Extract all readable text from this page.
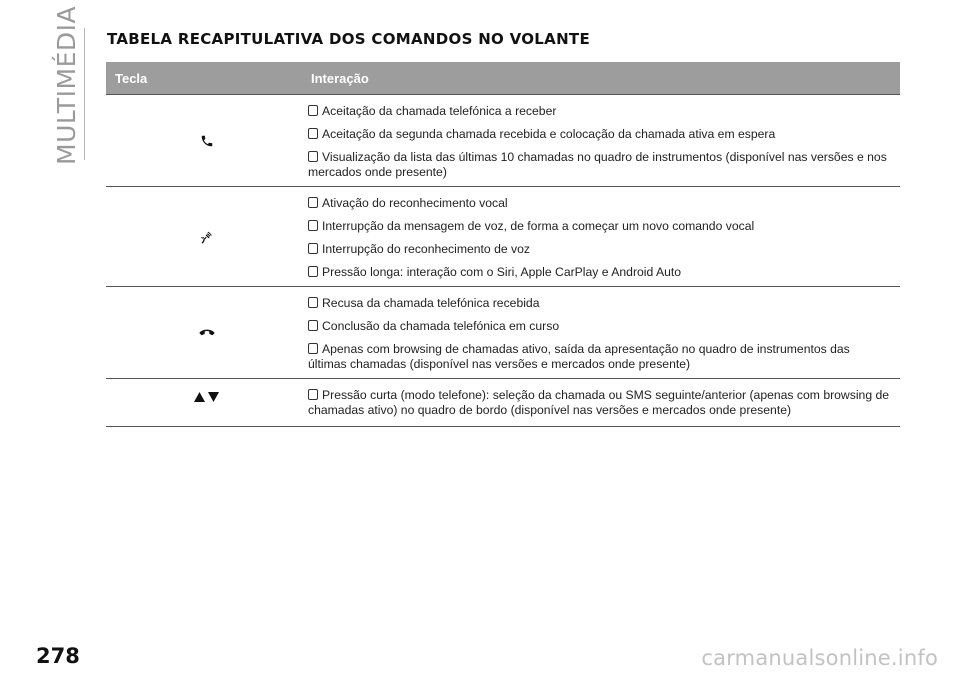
MULTIMÉDIA TABELA RECAPITULATIVA DOS COMANDOS NO VOLANTE
Tecla	Interação
Aceitação da chamada telefónica a receber
Aceitação da segunda chamada recebida e colocação da chamada ativa em espera
Visualização da lista das últimas 10 chamadas no quadro de instrumentos (disponível nas versões e nos mercados onde presente)
Ativação do reconhecimento vocal
Interrupção da mensagem de voz, de forma a começar um novo comando vocal
Interrupção do reconhecimento de voz
Pressão longa: interação com o Siri, Apple CarPlay e Android Auto
Recusa da chamada telefónica recebida
Conclusão da chamada telefónica em curso
Apenas com browsing de chamadas ativo, saída da apresentação no quadro de instrumentos das últimas chamadas (disponível nas versões e mercados onde presente)
Pressão curta (modo telefone): seleção da chamada ou SMS seguinte/anterior (apenas com browsing de chamadas ativo) no quadro de bordo (disponível nas versões e mercados onde presente)
278	carmanualsonline.info
